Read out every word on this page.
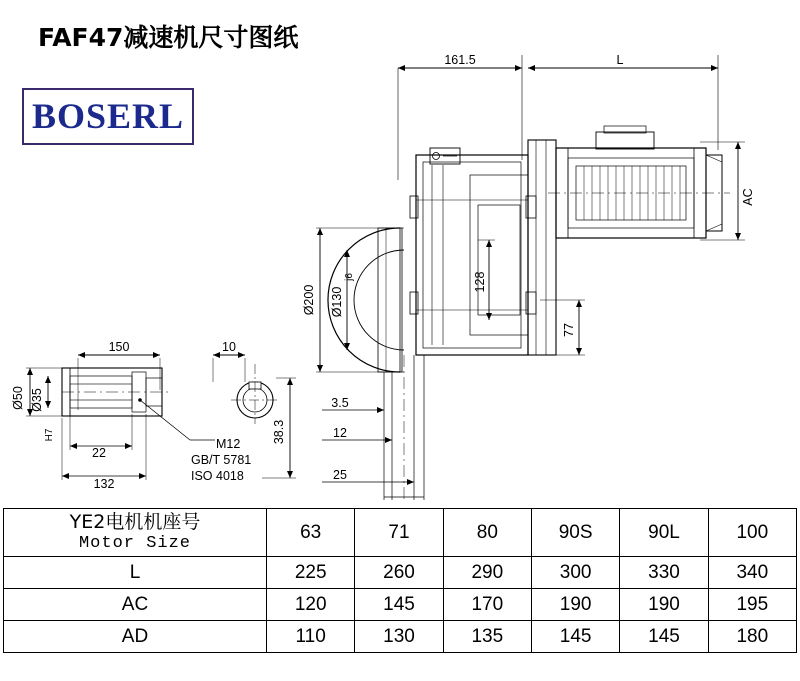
FAF47减速机尺寸图纸
BOSERL
161.5	L
AC
Ø200 Ø130
j6	128
77
3.5
12
25
150	10
Ø50 Ø35
H7
22
132
38.3
M12
GB/T 5781
ISO 4018
YE2电机机座号
Motor Size	63	71	80	90S	90L	100
L	225	260	290	300	330	340
AC	120	145	170	190	190	195
AD	110	130	135	145	145	180
